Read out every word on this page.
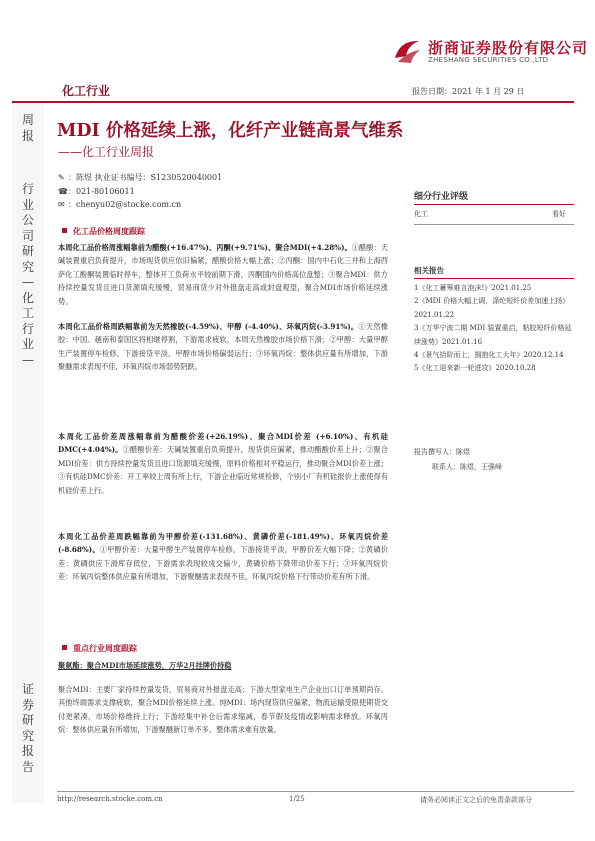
浙商证券股份有限公司
ZHESHANG SECURITIES CO.,LTD
化工行业	报告日期：2021 年 1 月 29 日
周报
行业公司研究—化工行业—
证券研究报告
MDI 价格延续上涨，化纤产业链高景气维系
——化工行业周报
✎ ：陈煜 执业证书编号：S1230520040001
☎：021-80106011
✉ ：chenyu02@stocke.com.cn
化工品价格周度跟踪
本周化工品价格周涨幅靠前为醋酸(+16.47%)、丙酮(+9.71%)、聚合MDI(+4.28%)。①醋酸：天碱装置重启负荷提升，市场现货供应依旧偏紧，醋酸价格大幅上涨；②丙酮：国内中石化三井和上海西萨化工酚酮装置临时停车，整体开工负荷水平较前期下滑，丙酮国内价格高位盘整；③聚合MDI：供方持续控量发货且进口货源填充缓慢，贸易商货少对外报盘走高或封盘观望，聚合MDI市场价格延续涨势。
本周化工品价格周跌幅靠前为天然橡胶(-4.59%)、甲醇 (-4.40%)、环氧丙烷(-3.91%)。①天然橡胶：中国、越南和泰国区将相继停割，下游需求疲软，本周天然橡胶市场价格下滑；②甲醇：大量甲醇生产装置停车检修，下游接货平淡，甲醇市场价格偏弱运行；③环氧丙烷：整体供应量有所增加，下游聚醚需求表现不佳，环氧丙烷市场弱势阴跌。
本周化工品价差周涨幅靠前为醋酸价差(+26.19%)、聚合MDI价差 (+6.10%)、有机硅DMC(+4.04%)。①醋酸价差：天碱装置重启负荷提升，现货供应偏紧，推动醋酸价差上升；②聚合MDI价差：供方持续控量发货且进口货源填充缓慢，原料价格相对平稳运行，推动聚合MDI价差上涨；③有机硅DMC价差：开工率较上周有所上行，下游企业临近常规检修，个别小厂有机硅报价上涨使得有机硅价差上行。
本周化工品价差周跌幅靠前为甲醇价差(-131.68%)、黄磷价差(-181.49%)、环氧丙烷价差(-8.68%)。①甲醇价差：大量甲醇生产装置停车检修，下游接货平淡，甲醇价差大幅下降；②黄磷价差：黄磷供应下滑库存低位，下游需求表现较成交偏少，黄磷价格下降带动价差下行；③环氧丙烷价差：环氧丙烷整体供应量有所增加，下游聚醚需求表现不佳，环氧丙烷价格下行带动价差有所下滑。
重点行业周度跟踪
聚氨酯：聚合MDI市场延续涨势，万华2月挂牌价持稳
聚合MDI：主要厂家持续控量发货，贸易商对外报盘走高；下游大型家电生产企业出口订单预期尚存，其他终端需求支撑疲软，聚合MDI价格延续上涨。纯MDI：场内现货供应偏紧，物流运输受限使期货交付更紧凑，市场价格维持上行；下游经集中补仓后需求缩减，春节假及疫情或影响需求释放。环氧丙烷：整体供应量有所增加，下游聚醚新订单不多，整体需求难有放量。
细分行业评级
化工	看好
相关报告
1《化工蓄筹难言泡沫!》2021.01.25
2《MDI 价格大幅上调，涤纶短纤价差加速上扬》2021.01.22
3《万华宁波二期 MDI 装置重启，粘胶短纤价格延续涨势》2021.01.16
4《景气拾阶而上，拥抱化工大年》2020.12.14
5《化工迎来新一轮进攻》2020.10.28
报告撰写人：陈煜
联系人：陈煜，王强峰
http://research.stocke.com.cn	1/25	请务必阅读正文之后的免责条款部分
